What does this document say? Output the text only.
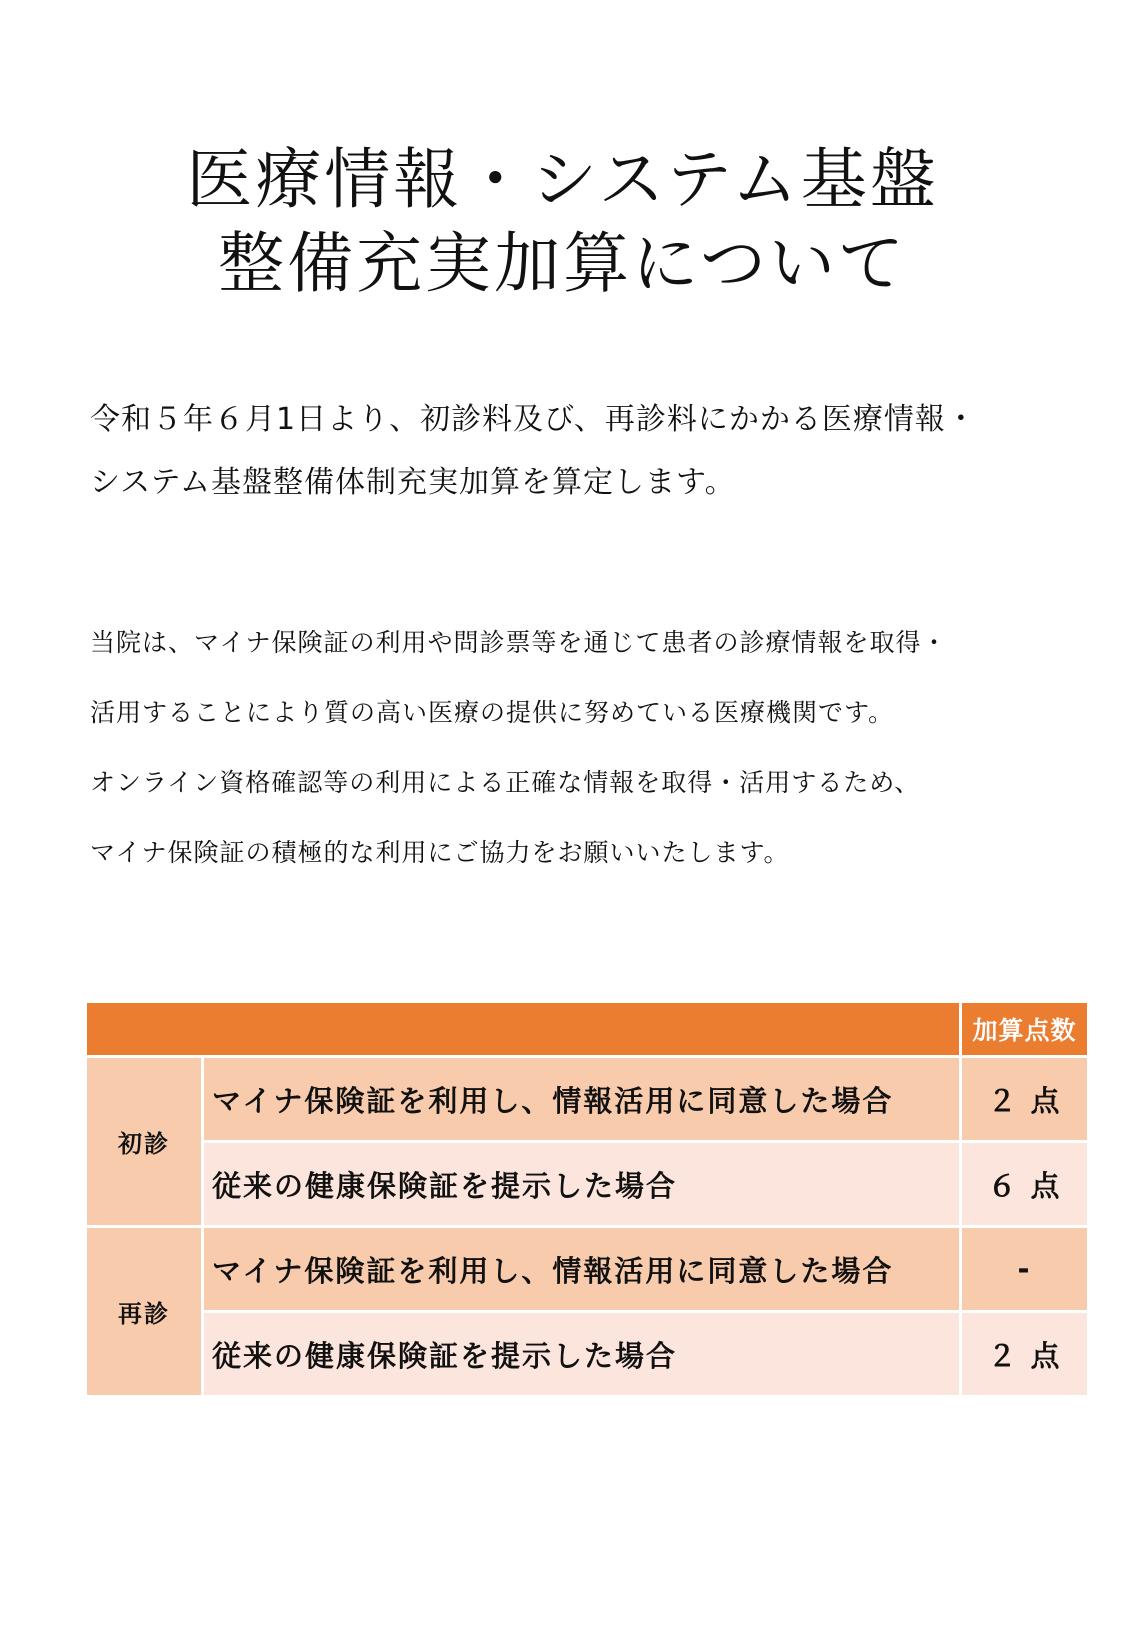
医療情報・システム基盤
整備充実加算について
令和５年６月1日より、初診料及び、再診料にかかる医療情報・
システム基盤整備体制充実加算を算定します。
当院は、マイナ保険証の利用や問診票等を通じて患者の診療情報を取得・
活用することにより質の高い医療の提供に努めている医療機関です。
オンライン資格確認等の利用による正確な情報を取得・活用するため、
マイナ保険証の積極的な利用にご協力をお願いいたします。
		加算点数
初診	マイナ保険証を利用し、情報活用に同意した場合	２ 点
	従来の健康保険証を提示した場合	６ 点
再診	マイナ保険証を利用し、情報活用に同意した場合	-
	従来の健康保険証を提示した場合	２ 点
